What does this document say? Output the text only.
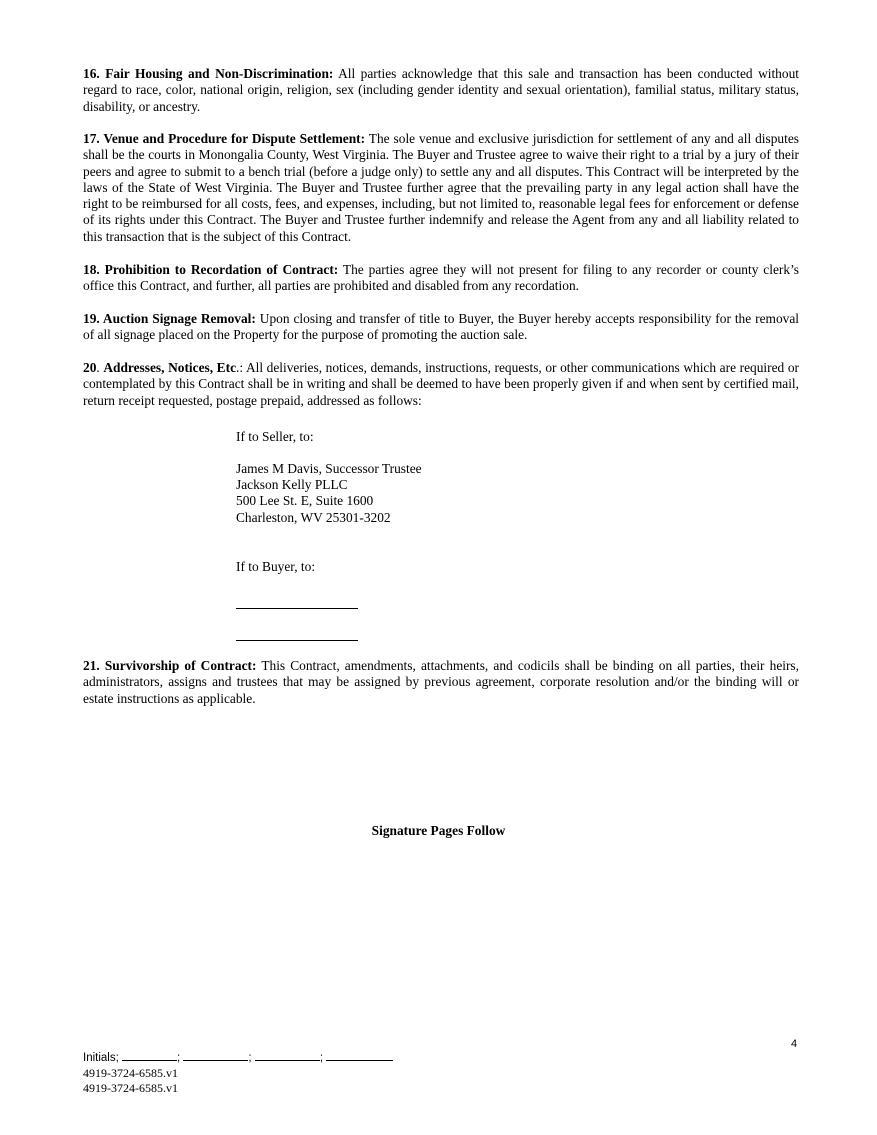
16. Fair Housing and Non-Discrimination: All parties acknowledge that this sale and transaction has been conducted without regard to race, color, national origin, religion, sex (including gender identity and sexual orientation), familial status, military status, disability, or ancestry.

17. Venue and Procedure for Dispute Settlement: The sole venue and exclusive jurisdiction for settlement of any and all disputes shall be the courts in Monongalia County, West Virginia. The Buyer and Trustee agree to waive their right to a trial by a jury of their peers and agree to submit to a bench trial (before a judge only) to settle any and all disputes. This Contract will be interpreted by the laws of the State of West Virginia. The Buyer and Trustee further agree that the prevailing party in any legal action shall have the right to be reimbursed for all costs, fees, and expenses, including, but not limited to, reasonable legal fees for enforcement or defense of its rights under this Contract. The Buyer and Trustee further indemnify and release the Agent from any and all liability related to this transaction that is the subject of this Contract.

18. Prohibition to Recordation of Contract: The parties agree they will not present for filing to any recorder or county clerk’s office this Contract, and further, all parties are prohibited and disabled from any recordation.

19. Auction Signage Removal: Upon closing and transfer of title to Buyer, the Buyer hereby accepts responsibility for the removal of all signage placed on the Property for the purpose of promoting the auction sale.

20. Addresses, Notices, Etc.: All deliveries, notices, demands, instructions, requests, or other communications which are required or contemplated by this Contract shall be in writing and shall be deemed to have been properly given if and when sent by certified mail, return receipt requested, postage prepaid, addressed as follows:

If to Seller, to:

James M Davis, Successor Trustee

Jackson Kelly PLLC

500 Lee St. E, Suite 1600

Charleston, WV 25301-3202

If to Buyer, to:

21. Survivorship of Contract: This Contract, amendments, attachments, and codicils shall be binding on all parties, their heirs, administrators, assigns and trustees that may be assigned by previous agreement, corporate resolution and/or the binding will or estate instructions as applicable.

Signature Pages Follow
4
Initials;	;	;	;
4919-3724-6585.v1
4919-3724-6585.v1
